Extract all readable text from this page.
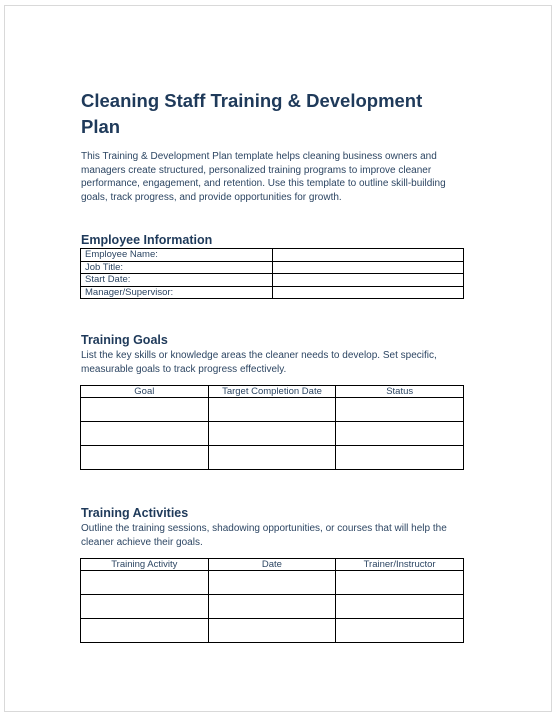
Cleaning Staff Training & Development Plan

This Training & Development Plan template helps cleaning business owners and managers create structured, personalized training programs to improve cleaner performance, engagement, and retention. Use this template to outline skill-building goals, track progress, and provide opportunities for growth.

Employee Information
Employee Name:	
Job Title:	
Start Date:	
Manager/Supervisor:	
Training Goals

List the key skills or knowledge areas the cleaner needs to develop. Set specific, measurable goals to track progress effectively.

Goal	Target Completion Date	Status

Training Activities

Outline the training sessions, shadowing opportunities, or courses that will help the cleaner achieve their goals.

Training Activity	Date	Trainer/Instructor
